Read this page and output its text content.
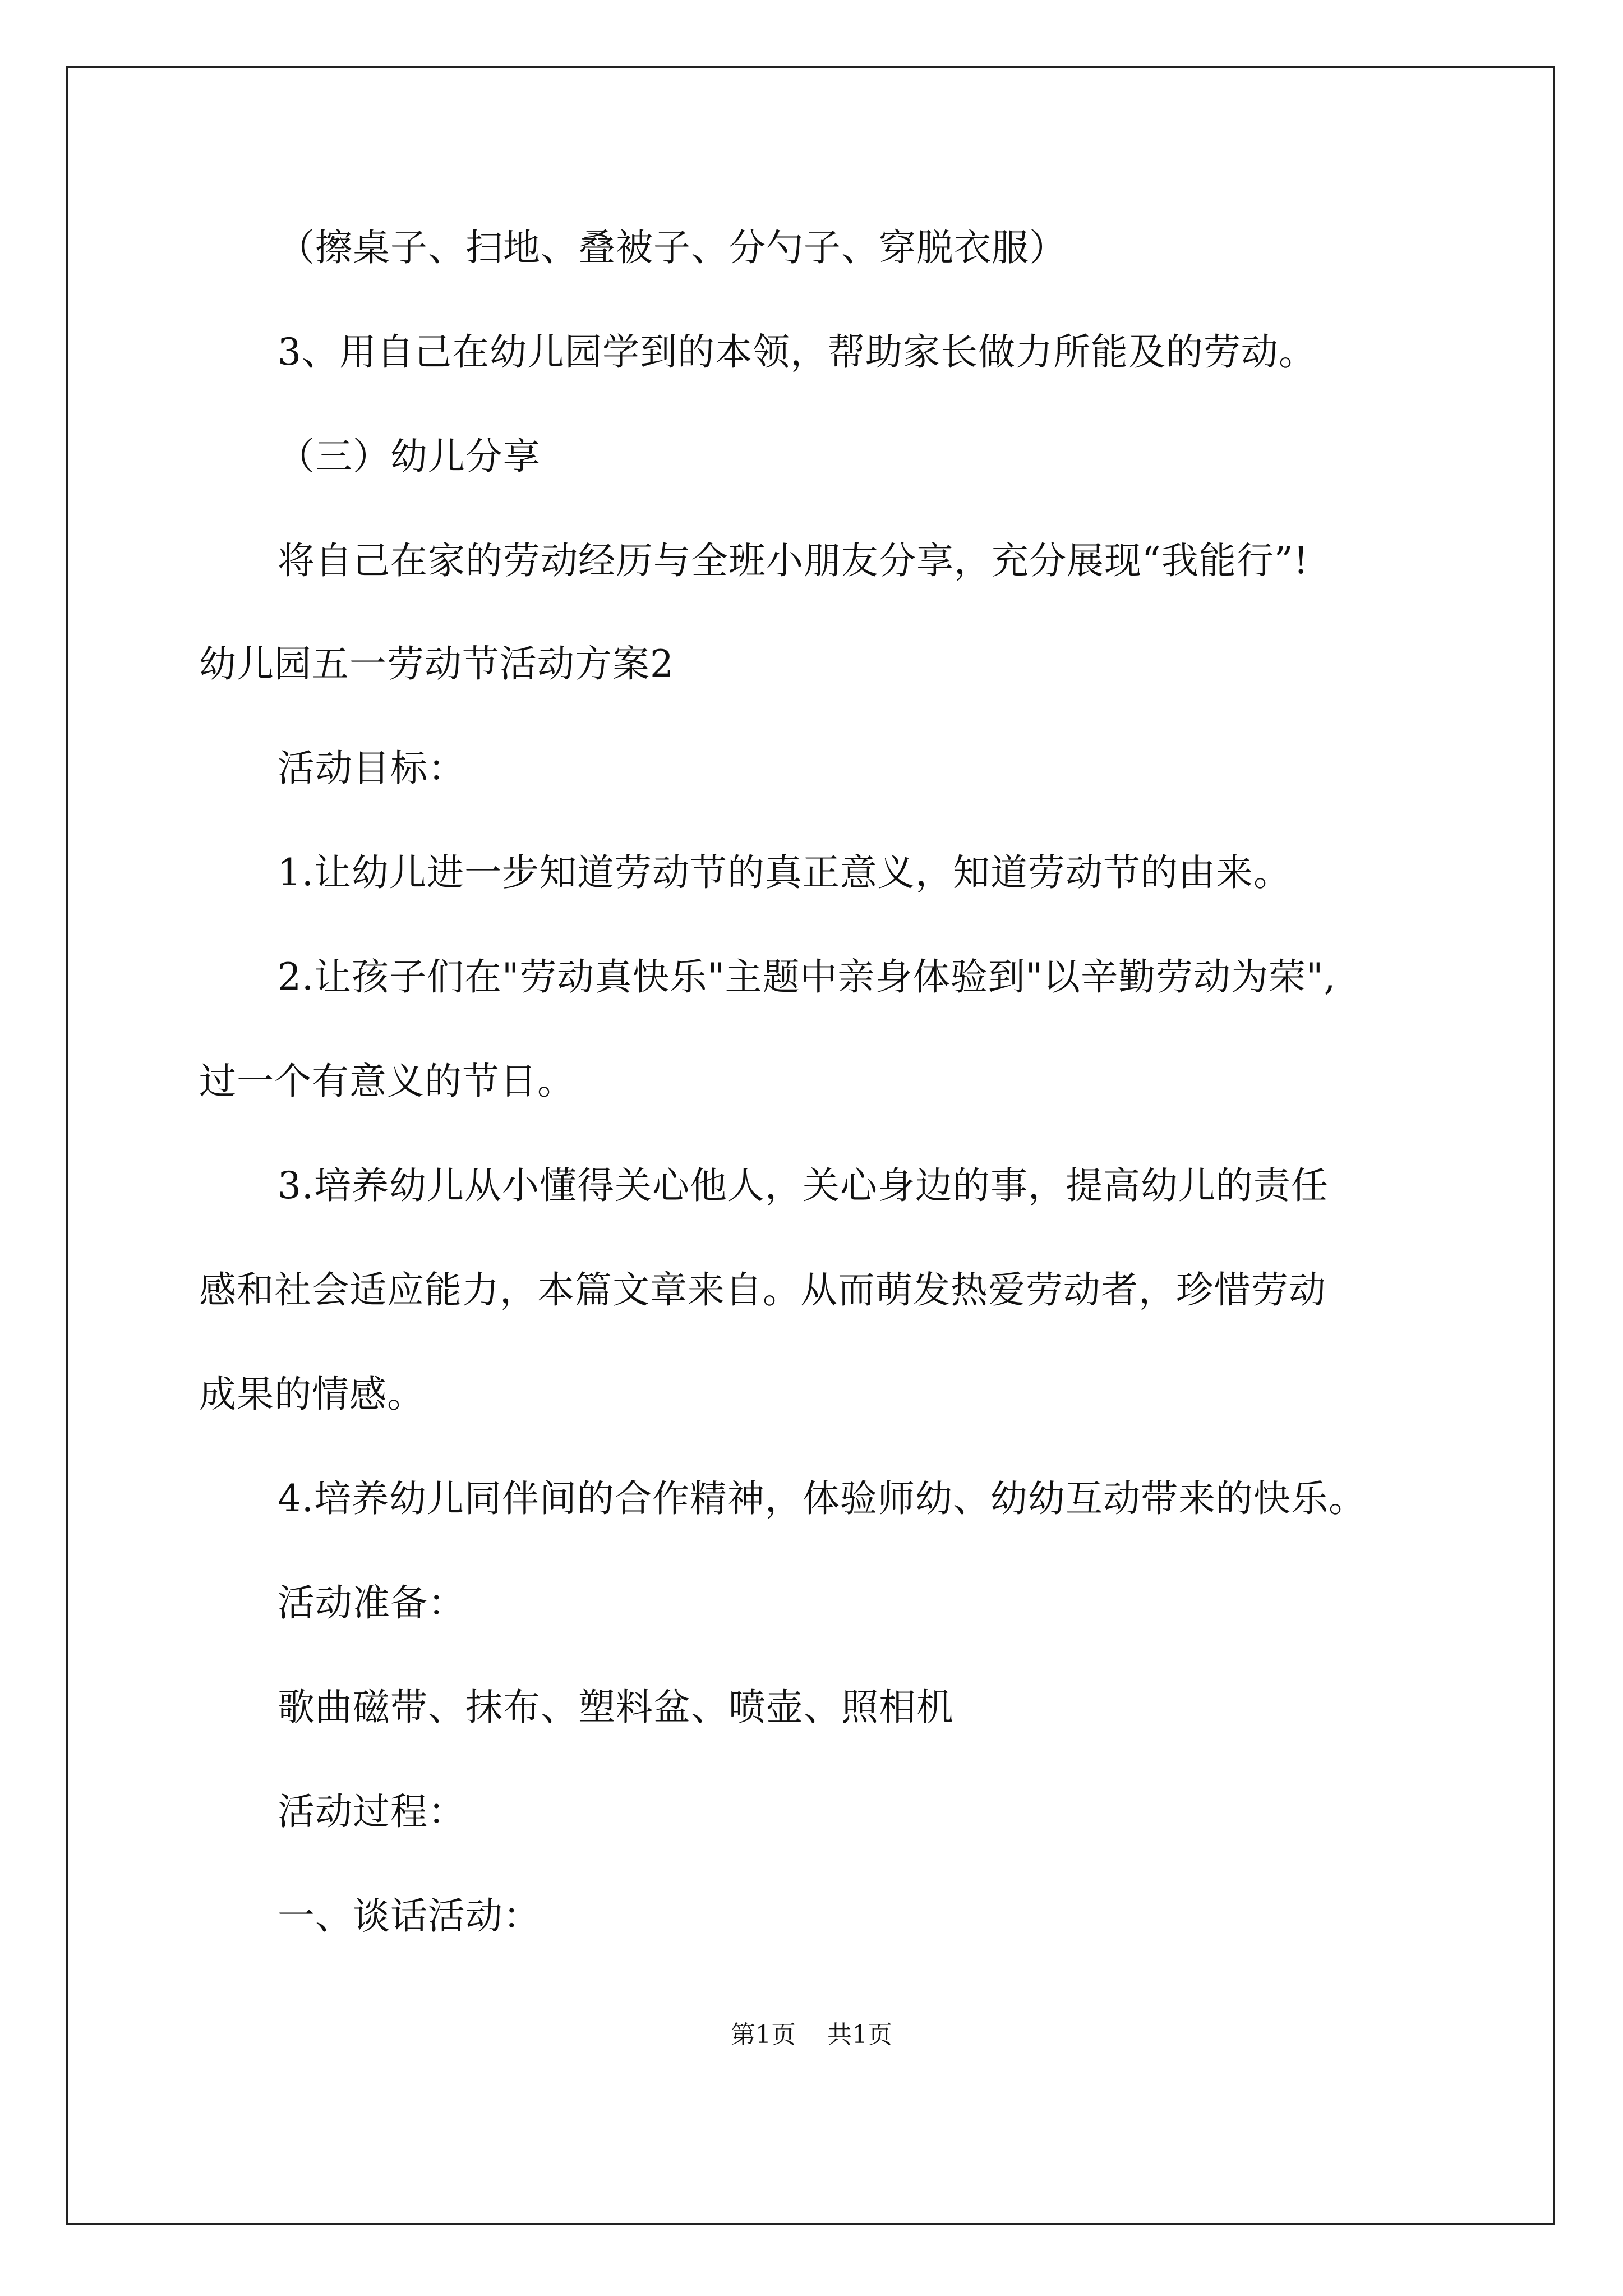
（擦桌子、扫地、叠被子、分勺子、穿脱衣服）
3、用自己在幼儿园学到的本领，帮助家长做力所能及的劳动。
（三）幼儿分享
将自己在家的劳动经历与全班小朋友分享，充分展现“我能行”!
幼儿园五一劳动节活动方案2
活动目标：
1.让幼儿进一步知道劳动节的真正意义，知道劳动节的由来。
2.让孩子们在"劳动真快乐"主题中亲身体验到"以辛勤劳动为荣",
过一个有意义的节日。
3.培养幼儿从小懂得关心他人，关心身边的事，提高幼儿的责任
感和社会适应能力，本篇文章来自。从而萌发热爱劳动者，珍惜劳动
成果的情感。
4.培养幼儿同伴间的合作精神，体验师幼、幼幼互动带来的快乐。
活动准备：
歌曲磁带、抹布、塑料盆、喷壶、照相机
活动过程：
一、谈话活动：
第1页    共1页
